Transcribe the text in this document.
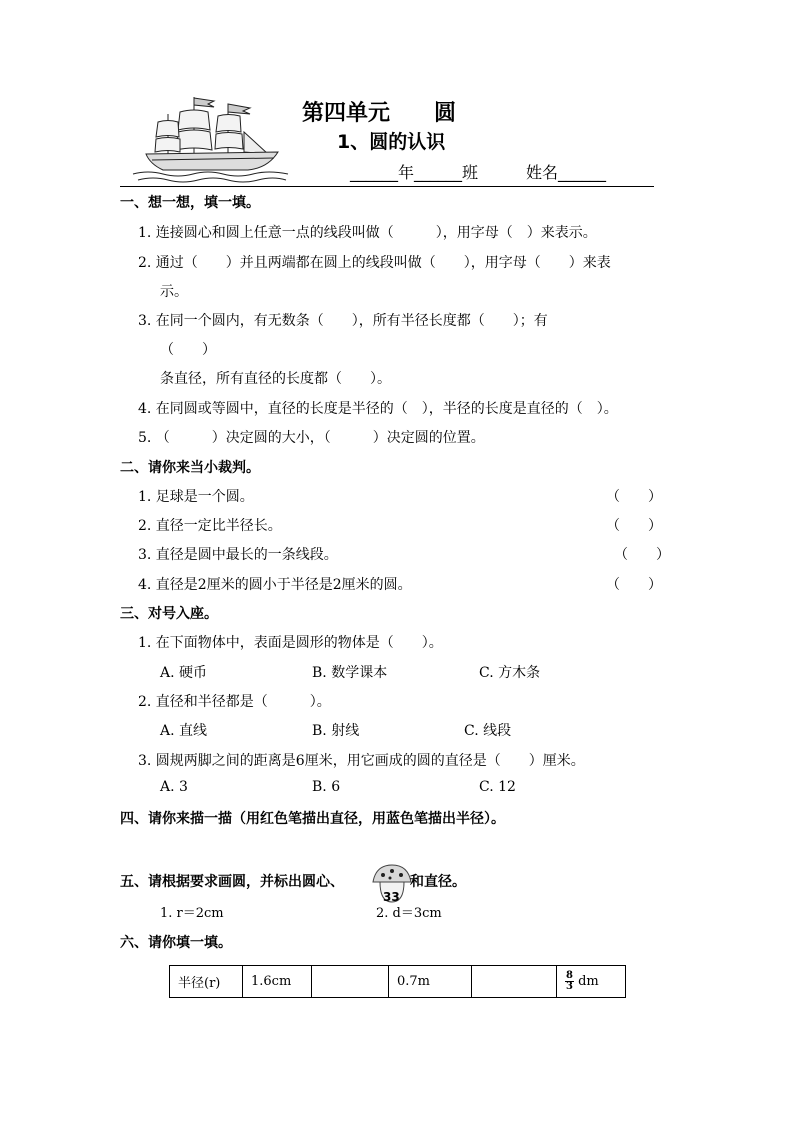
第四单元　　圆
1、圆的认识
______年______班　　　姓名______
一、想一想，填一填。
1. 连接圆心和圆上任意一点的线段叫做（　　　），用字母（　）来表示。
2. 通过（　　）并且两端都在圆上的线段叫做（　　），用字母（　　）来表
示。
3. 在同一个圆内，有无数条（　　），所有半径长度都（　　）；有
（　　）
条直径，所有直径的长度都（　　）。
4. 在同圆或等圆中，直径的长度是半径的（　），半径的长度是直径的（　）。
5. （　　　）决定圆的大小，（　　　）决定圆的位置。
二、请你来当小裁判。
1. 足球是一个圆。	（　　）
2. 直径一定比半径长。	（　　）
3. 直径是圆中最长的一条线段。	（　　）
4. 直径是2厘米的圆小于半径是2厘米的圆。	（　　）
三、对号入座。
1. 在下面物体中，表面是圆形的物体是（　　）。
A. 硬币	B. 数学课本	C. 方木条
2. 直径和半径都是（　　　）。
A. 直线	B. 射线	C. 线段
3. 圆规两脚之间的距离是6厘米，用它画成的圆的直径是（　　）厘米。
A. 3	B. 6	C. 12
四、请你来描一描（用红色笔描出直径，用蓝色笔描出半径）。
五、请根据要求画圆，并标出圆心、
33
和直径。
1. r＝2cm	2. d＝3cm
六、请你填一填。
半径(r)	1.6cm		0.7m		$\frac{8}{3}$ dm
